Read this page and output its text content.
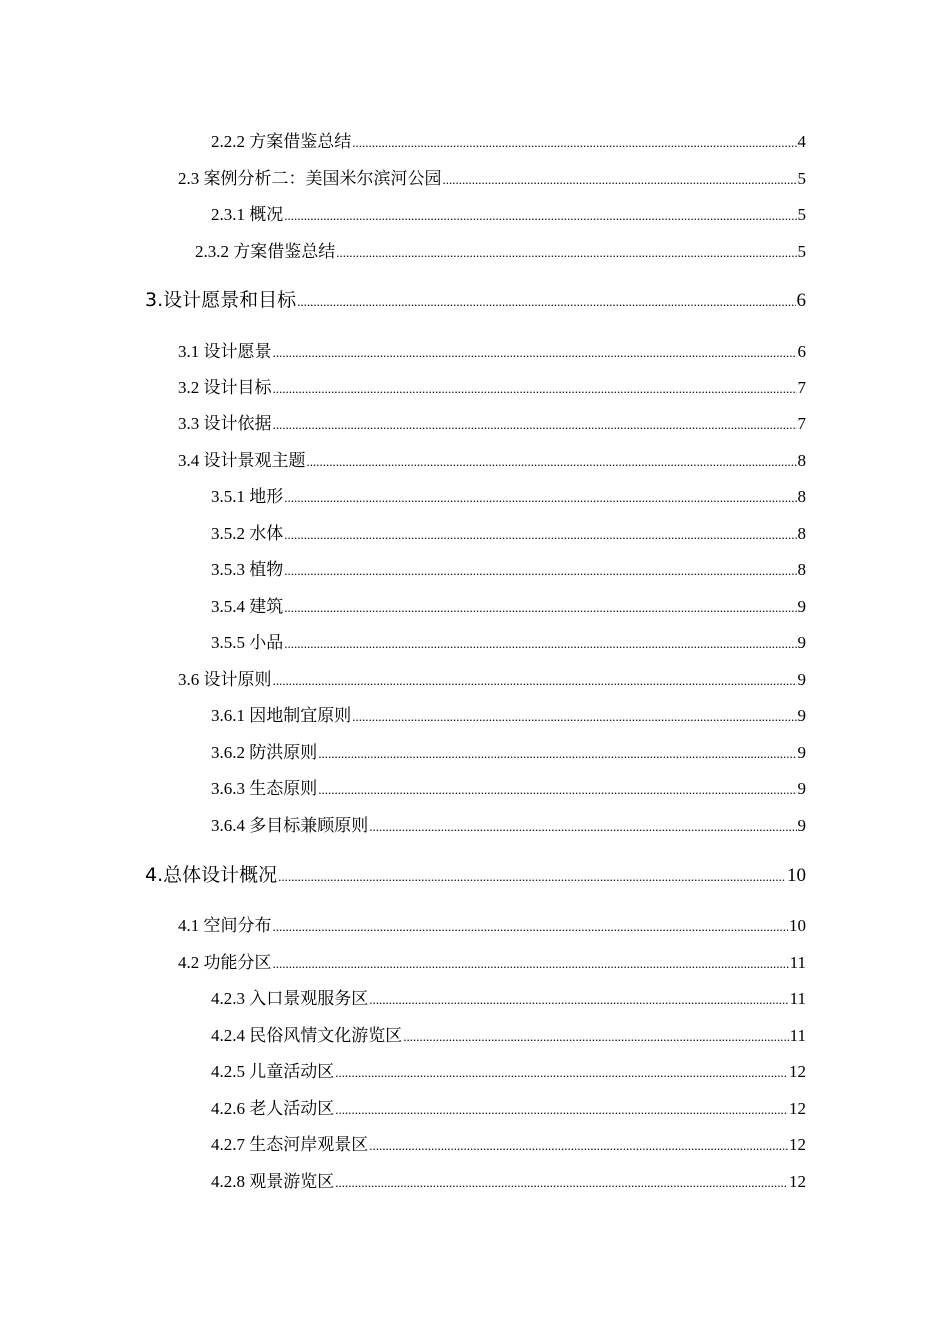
2.2.2 方案借鉴总结 .....	4
2.3 案例分析二：美国米尔滨河公园 .....	5
2.3.1 概况 .....	5
2.3.2 方案借鉴总结 .....	5
3.设计愿景和目标 .....	6
3.1 设计愿景 .....	6
3.2 设计目标 .....	7
3.3 设计依据 .....	7
3.4 设计景观主题 .....	8
3.5.1 地形 .....	8
3.5.2 水体 .....	8
3.5.3 植物 .....	8
3.5.4 建筑 .....	9
3.5.5 小品 .....	9
3.6 设计原则 .....	9
3.6.1 因地制宜原则 .....	9
3.6.2 防洪原则 .....	9
3.6.3 生态原则 .....	9
3.6.4 多目标兼顾原则 .....	9
4.总体设计概况 .....	10
4.1 空间分布 .....	10
4.2 功能分区 .....	11
4.2.3 入口景观服务区 .....	11
4.2.4 民俗风情文化游览区 .....	11
4.2.5 儿童活动区 .....	12
4.2.6 老人活动区 .....	12
4.2.7 生态河岸观景区 .....	12
4.2.8 观景游览区 .....	12
